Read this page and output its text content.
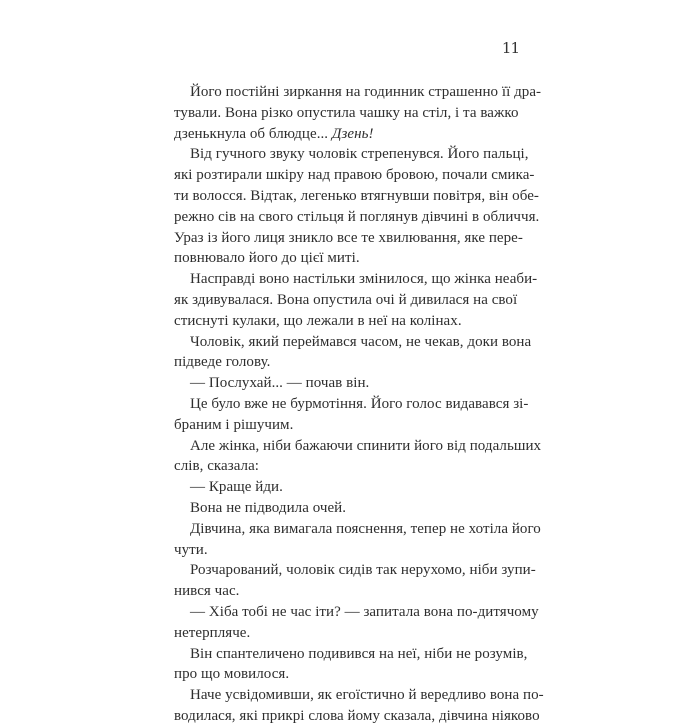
11
Його постійні зиркання на годинник страшенно її дра-
тували. Вона різко опустила чашку на стіл, і та важко
дзенькнула об блюдце... Дзень!
Від гучного звуку чоловік стрепенувся. Його пальці,
які розтирали шкіру над правою бровою, почали смика-
ти волосся. Відтак, легенько втягнувши повітря, він обе-
режно сів на свого стільця й поглянув дівчині в обличчя.
Ураз із його лиця зникло все те хвилювання, яке пере-
повнювало його до цієї миті.
Насправді воно настільки змінилося, що жінка неаби-
як здивувалася. Вона опустила очі й дивилася на свої
стиснуті кулаки, що лежали в неї на колінах.
Чоловік, який переймався часом, не чекав, доки вона
підведе голову.
— Послухай... — почав він.
Це було вже не бурмотіння. Його голос видавався зі-
браним і рішучим.
Але жінка, ніби бажаючи спинити його від подальших
слів, сказала:
— Краще йди.
Вона не підводила очей.
Дівчина, яка вимагала пояснення, тепер не хотіла його
чути.
Розчарований, чоловік сидів так нерухомо, ніби зупи-
нився час.
— Хіба тобі не час іти? — запитала вона по-дитячому
нетерпляче.
Він спантеличено подивився на неї, ніби не розумів,
про що мовилося.
Наче усвідомивши, як егоїстично й вередливо вона по-
водилася, які прикрі слова йому сказала, дівчина ніяково
